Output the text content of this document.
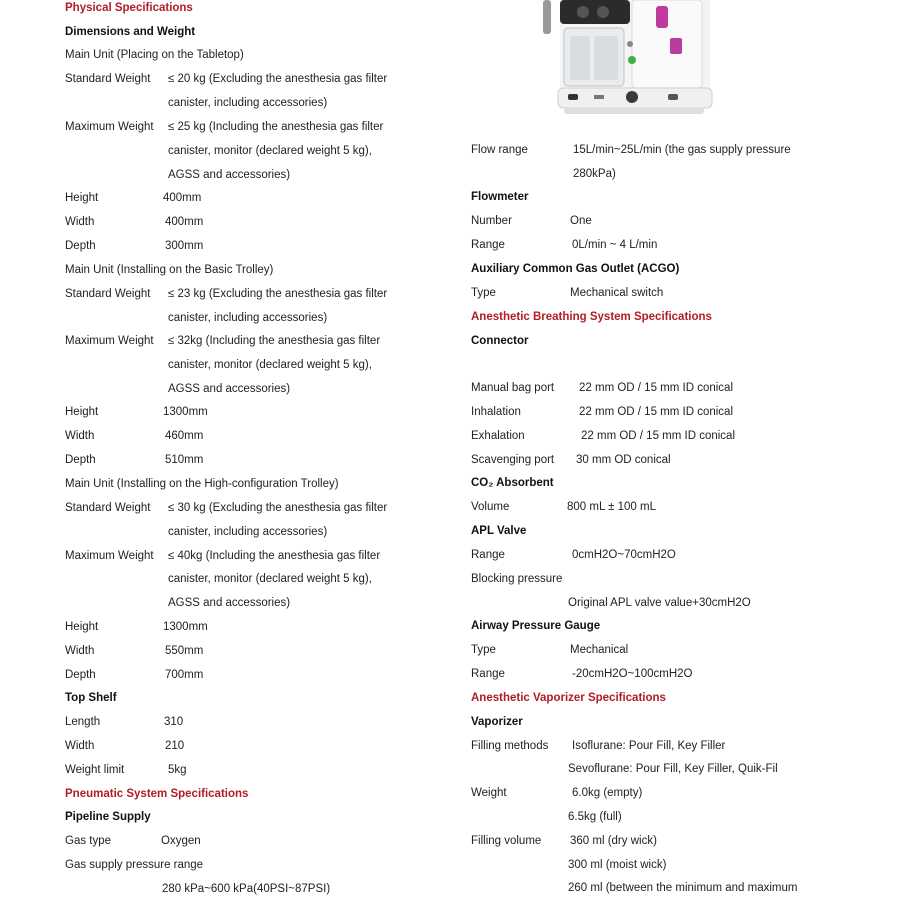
Physical Specifications
Dimensions and Weight
Main Unit (Placing on the Tabletop)
Standard Weight ≤ 20 kg (Excluding the anesthesia gas filter
canister, including accessories)
Maximum Weight ≤ 25 kg (Including the anesthesia gas filter
canister, monitor (declared weight 5 kg),
AGSS and accessories)
Height	400mm
Width	400mm
Depth	300mm
Main Unit (Installing on the Basic Trolley)
Standard Weight ≤ 23 kg (Excluding the anesthesia gas filter
canister, including accessories)
Maximum Weight ≤ 32kg (Including the anesthesia gas filter
canister, monitor (declared weight 5 kg),
AGSS and accessories)
Height	1300mm
Width	460mm
Depth	510mm
Main Unit (Installing on the High-configuration Trolley)
Standard Weight ≤ 30 kg (Excluding the anesthesia gas filter
canister, including accessories)
Maximum Weight ≤ 40kg (Including the anesthesia gas filter
canister, monitor (declared weight 5 kg),
AGSS and accessories)
Height	1300mm
Width	550mm
Depth	700mm
Top Shelf
Length	310
Width	210
Weight limit	5kg
Pneumatic System Specifications
Pipeline Supply
Gas type	Oxygen
Gas supply pressure range
280 kPa~600 kPa(40PSI~87PSI)
Flow range	15L/min~25L/min (the gas supply pressure
280kPa)
Flowmeter
Number	One
Range	0L/min ~ 4 L/min
Auxiliary Common Gas Outlet (ACGO)
Type	Mechanical switch
Anesthetic Breathing System Specifications
Connector
Manual bag port 22 mm OD / 15 mm ID conical
Inhalation	22 mm OD / 15 mm ID conical
Exhalation	22 mm OD / 15 mm ID conical
Scavenging port 30 mm OD conical
CO₂ Absorbent
Volume	800 mL ± 100 mL
APL Valve
Range	0cmH2O~70cmH2O
Blocking pressure
Original APL valve value+30cmH2O
Airway Pressure Gauge
Type	Mechanical
Range	-20cmH2O~100cmH2O
Anesthetic Vaporizer Specifications
Vaporizer
Filling methods Isoflurane: Pour Fill, Key Filler
Sevoflurane: Pour Fill, Key Filler, Quik-Fil
Weight	6.0kg (empty)
6.5kg (full)
Filling volume 360 ml (dry wick)
300 ml (moist wick)
260 ml (between the minimum and maximum
